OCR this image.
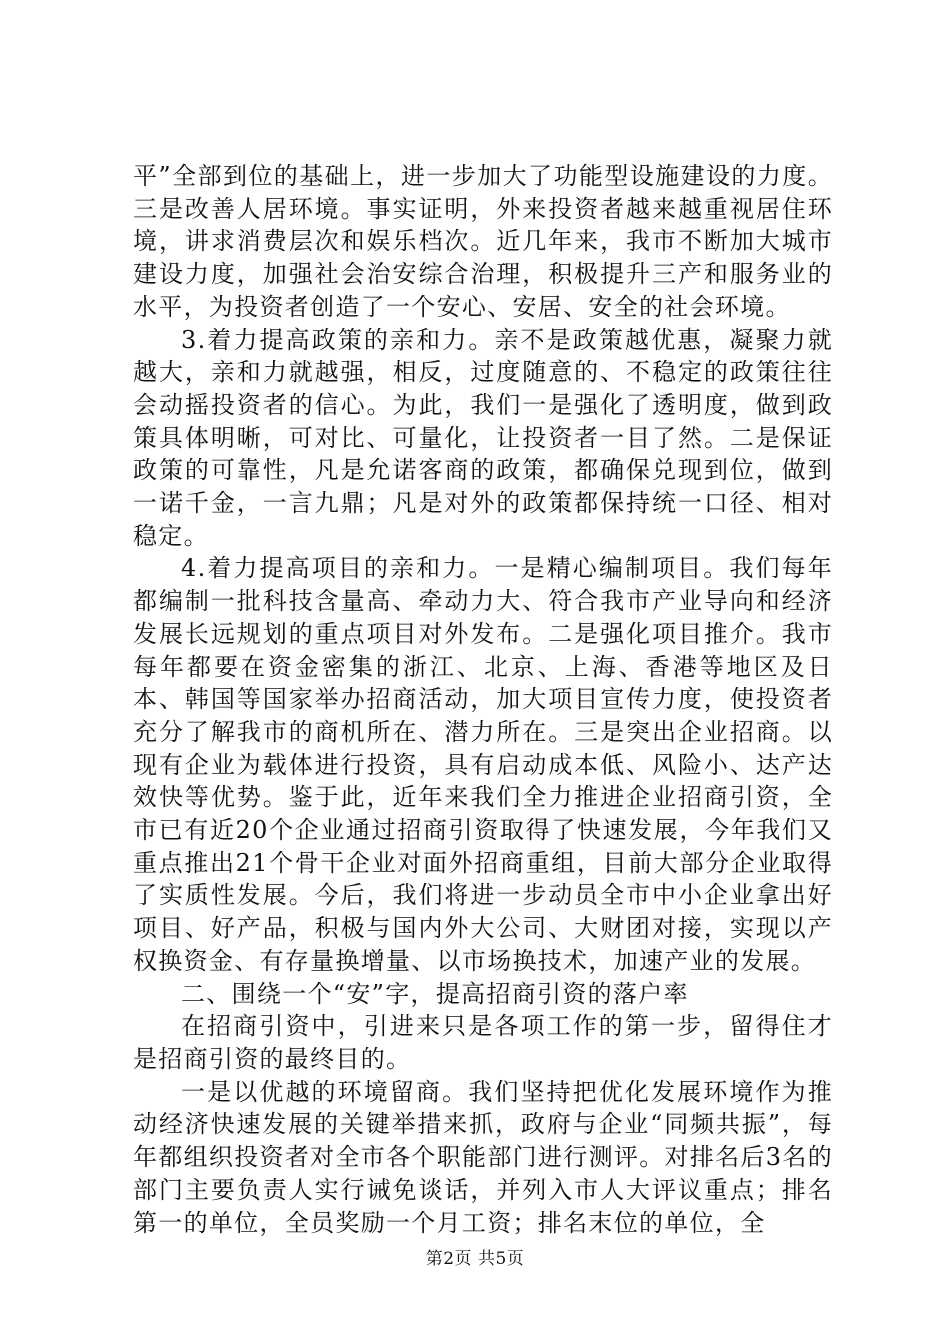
平”全部到位的基础上，进一步加大了功能型设施建设的力度。三是改善人居环境。事实证明，外来投资者越来越重视居住环境，讲求消费层次和娱乐档次。近几年来，我市不断加大城市建设力度，加强社会治安综合治理，积极提升三产和服务业的水平，为投资者创造了一个安心、安居、安全的社会环境。

3.着力提高政策的亲和力。亲不是政策越优惠，凝聚力就越大，亲和力就越强，相反，过度随意的、不稳定的政策往往会动摇投资者的信心。为此，我们一是强化了透明度，做到政策具体明晰，可对比、可量化，让投资者一目了然。二是保证政策的可靠性，凡是允诺客商的政策，都确保兑现到位，做到一诺千金，一言九鼎；凡是对外的政策都保持统一口径、相对稳定。

4.着力提高项目的亲和力。一是精心编制项目。我们每年都编制一批科技含量高、牵动力大、符合我市产业导向和经济发展长远规划的重点项目对外发布。二是强化项目推介。我市每年都要在资金密集的浙江、北京、上海、香港等地区及日本、韩国等国家举办招商活动，加大项目宣传力度，使投资者充分了解我市的商机所在、潜力所在。三是突出企业招商。以现有企业为载体进行投资，具有启动成本低、风险小、达产达效快等优势。鉴于此，近年来我们全力推进企业招商引资，全市已有近20个企业通过招商引资取得了快速发展，今年我们又重点推出21个骨干企业对面外招商重组，目前大部分企业取得了实质性发展。今后，我们将进一步动员全市中小企业拿出好项目、好产品，积极与国内外大公司、大财团对接，实现以产权换资金、有存量换增量、以市场换技术，加速产业的发展。

二、围绕一个“安”字，提高招商引资的落户率

在招商引资中，引进来只是各项工作的第一步，留得住才是招商引资的最终目的。

一是以优越的环境留商。我们坚持把优化发展环境作为推动经济快速发展的关键举措来抓，政府与企业“同频共振”，每年都组织投资者对全市各个职能部门进行测评。对排名后3名的部门主要负责人实行诫免谈话，并列入市人大评议重点；排名第一的单位，全员奖励一个月工资；排名末位的单位，全

第2页 共5页
